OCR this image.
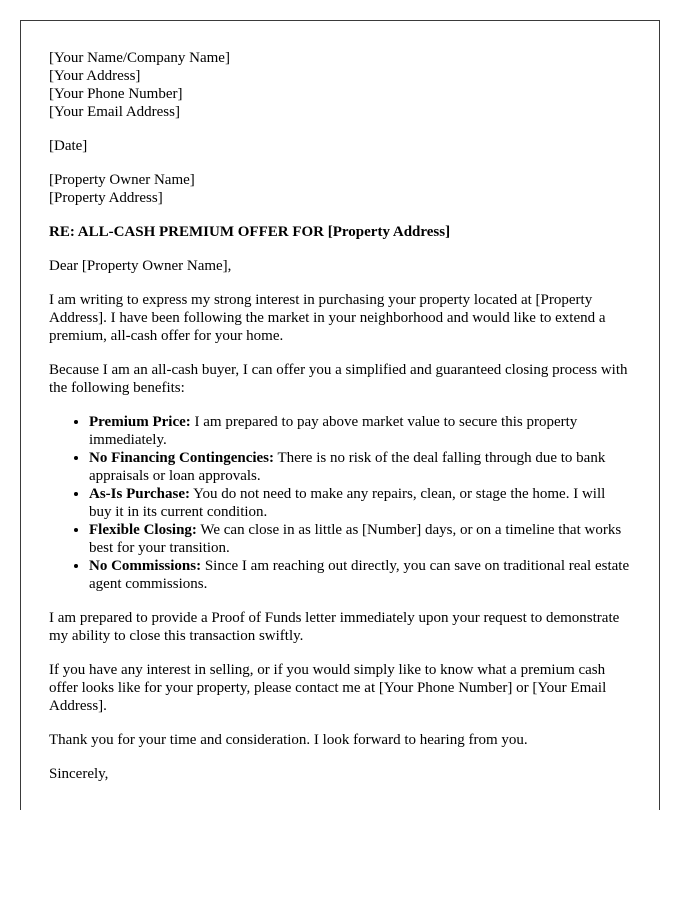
[Your Name/Company Name]
[Your Address]
[Your Phone Number]
[Your Email Address]
[Date]
[Property Owner Name]
[Property Address]
RE: ALL-CASH PREMIUM OFFER FOR [Property Address]

Dear [Property Owner Name],

I am writing to express my strong interest in purchasing your property located at [Property Address]. I have been following the market in your neighborhood and would like to extend a premium, all-cash offer for your home.

Because I am an all-cash buyer, I can offer you a simplified and guaranteed closing process with the following benefits:

• Premium Price: I am prepared to pay above market value to secure this property immediately.
• No Financing Contingencies: There is no risk of the deal falling through due to bank appraisals or loan approvals.
• As-Is Purchase: You do not need to make any repairs, clean, or stage the home. I will buy it in its current condition.
• Flexible Closing: We can close in as little as [Number] days, or on a timeline that works best for your transition.
• No Commissions: Since I am reaching out directly, you can save on traditional real estate agent commissions.

I am prepared to provide a Proof of Funds letter immediately upon your request to demonstrate my ability to close this transaction swiftly.

If you have any interest in selling, or if you would simply like to know what a premium cash offer looks like for your property, please contact me at [Your Phone Number] or [Your Email Address].

Thank you for your time and consideration. I look forward to hearing from you.

Sincerely,
